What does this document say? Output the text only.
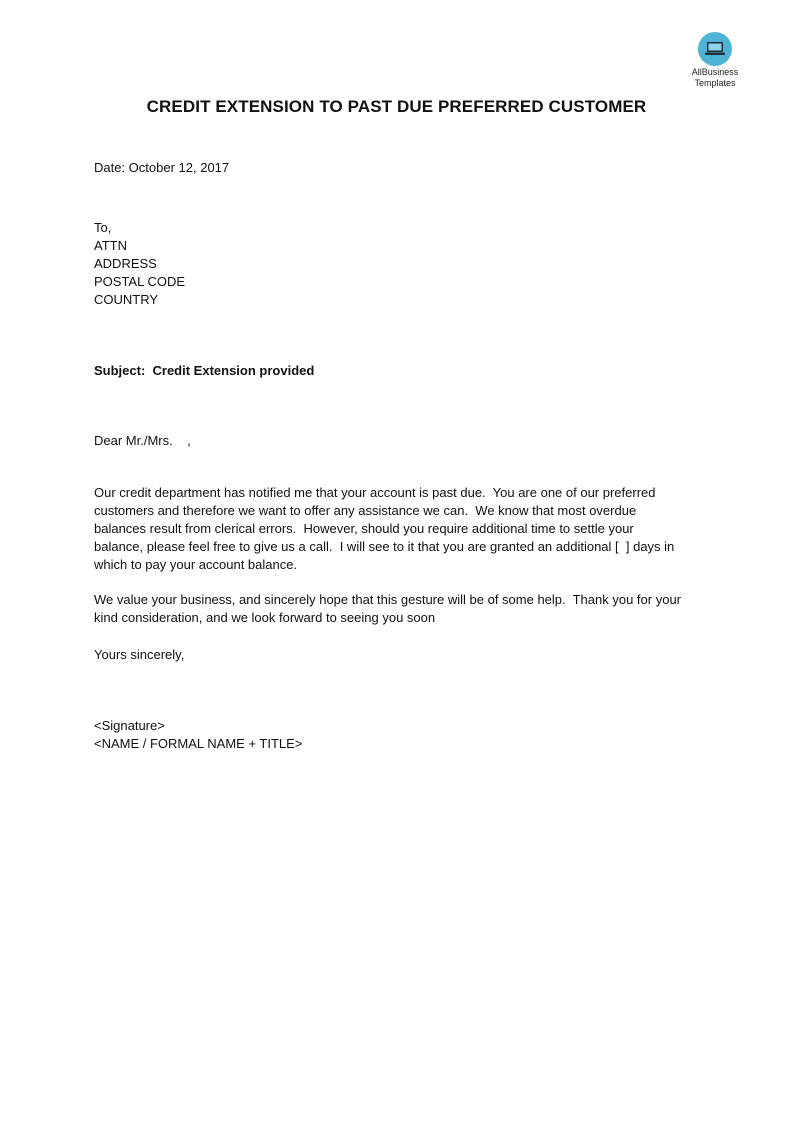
AllBusiness
Templates
CREDIT EXTENSION TO PAST DUE PREFERRED CUSTOMER
Date: October 12, 2017
To,
ATTN
ADDRESS
POSTAL CODE
COUNTRY
Subject:  Credit Extension provided
Dear Mr./Mrs.    ,
Our credit department has notified me that your account is past due.  You are one of our preferred
customers and therefore we want to offer any assistance we can.  We know that most overdue
balances result from clerical errors.  However, should you require additional time to settle your
balance, please feel free to give us a call.  I will see to it that you are granted an additional [  ] days in
which to pay your account balance.
We value your business, and sincerely hope that this gesture will be of some help.  Thank you for your
kind consideration, and we look forward to seeing you soon
Yours sincerely,
<Signature>
<NAME / FORMAL NAME + TITLE>
